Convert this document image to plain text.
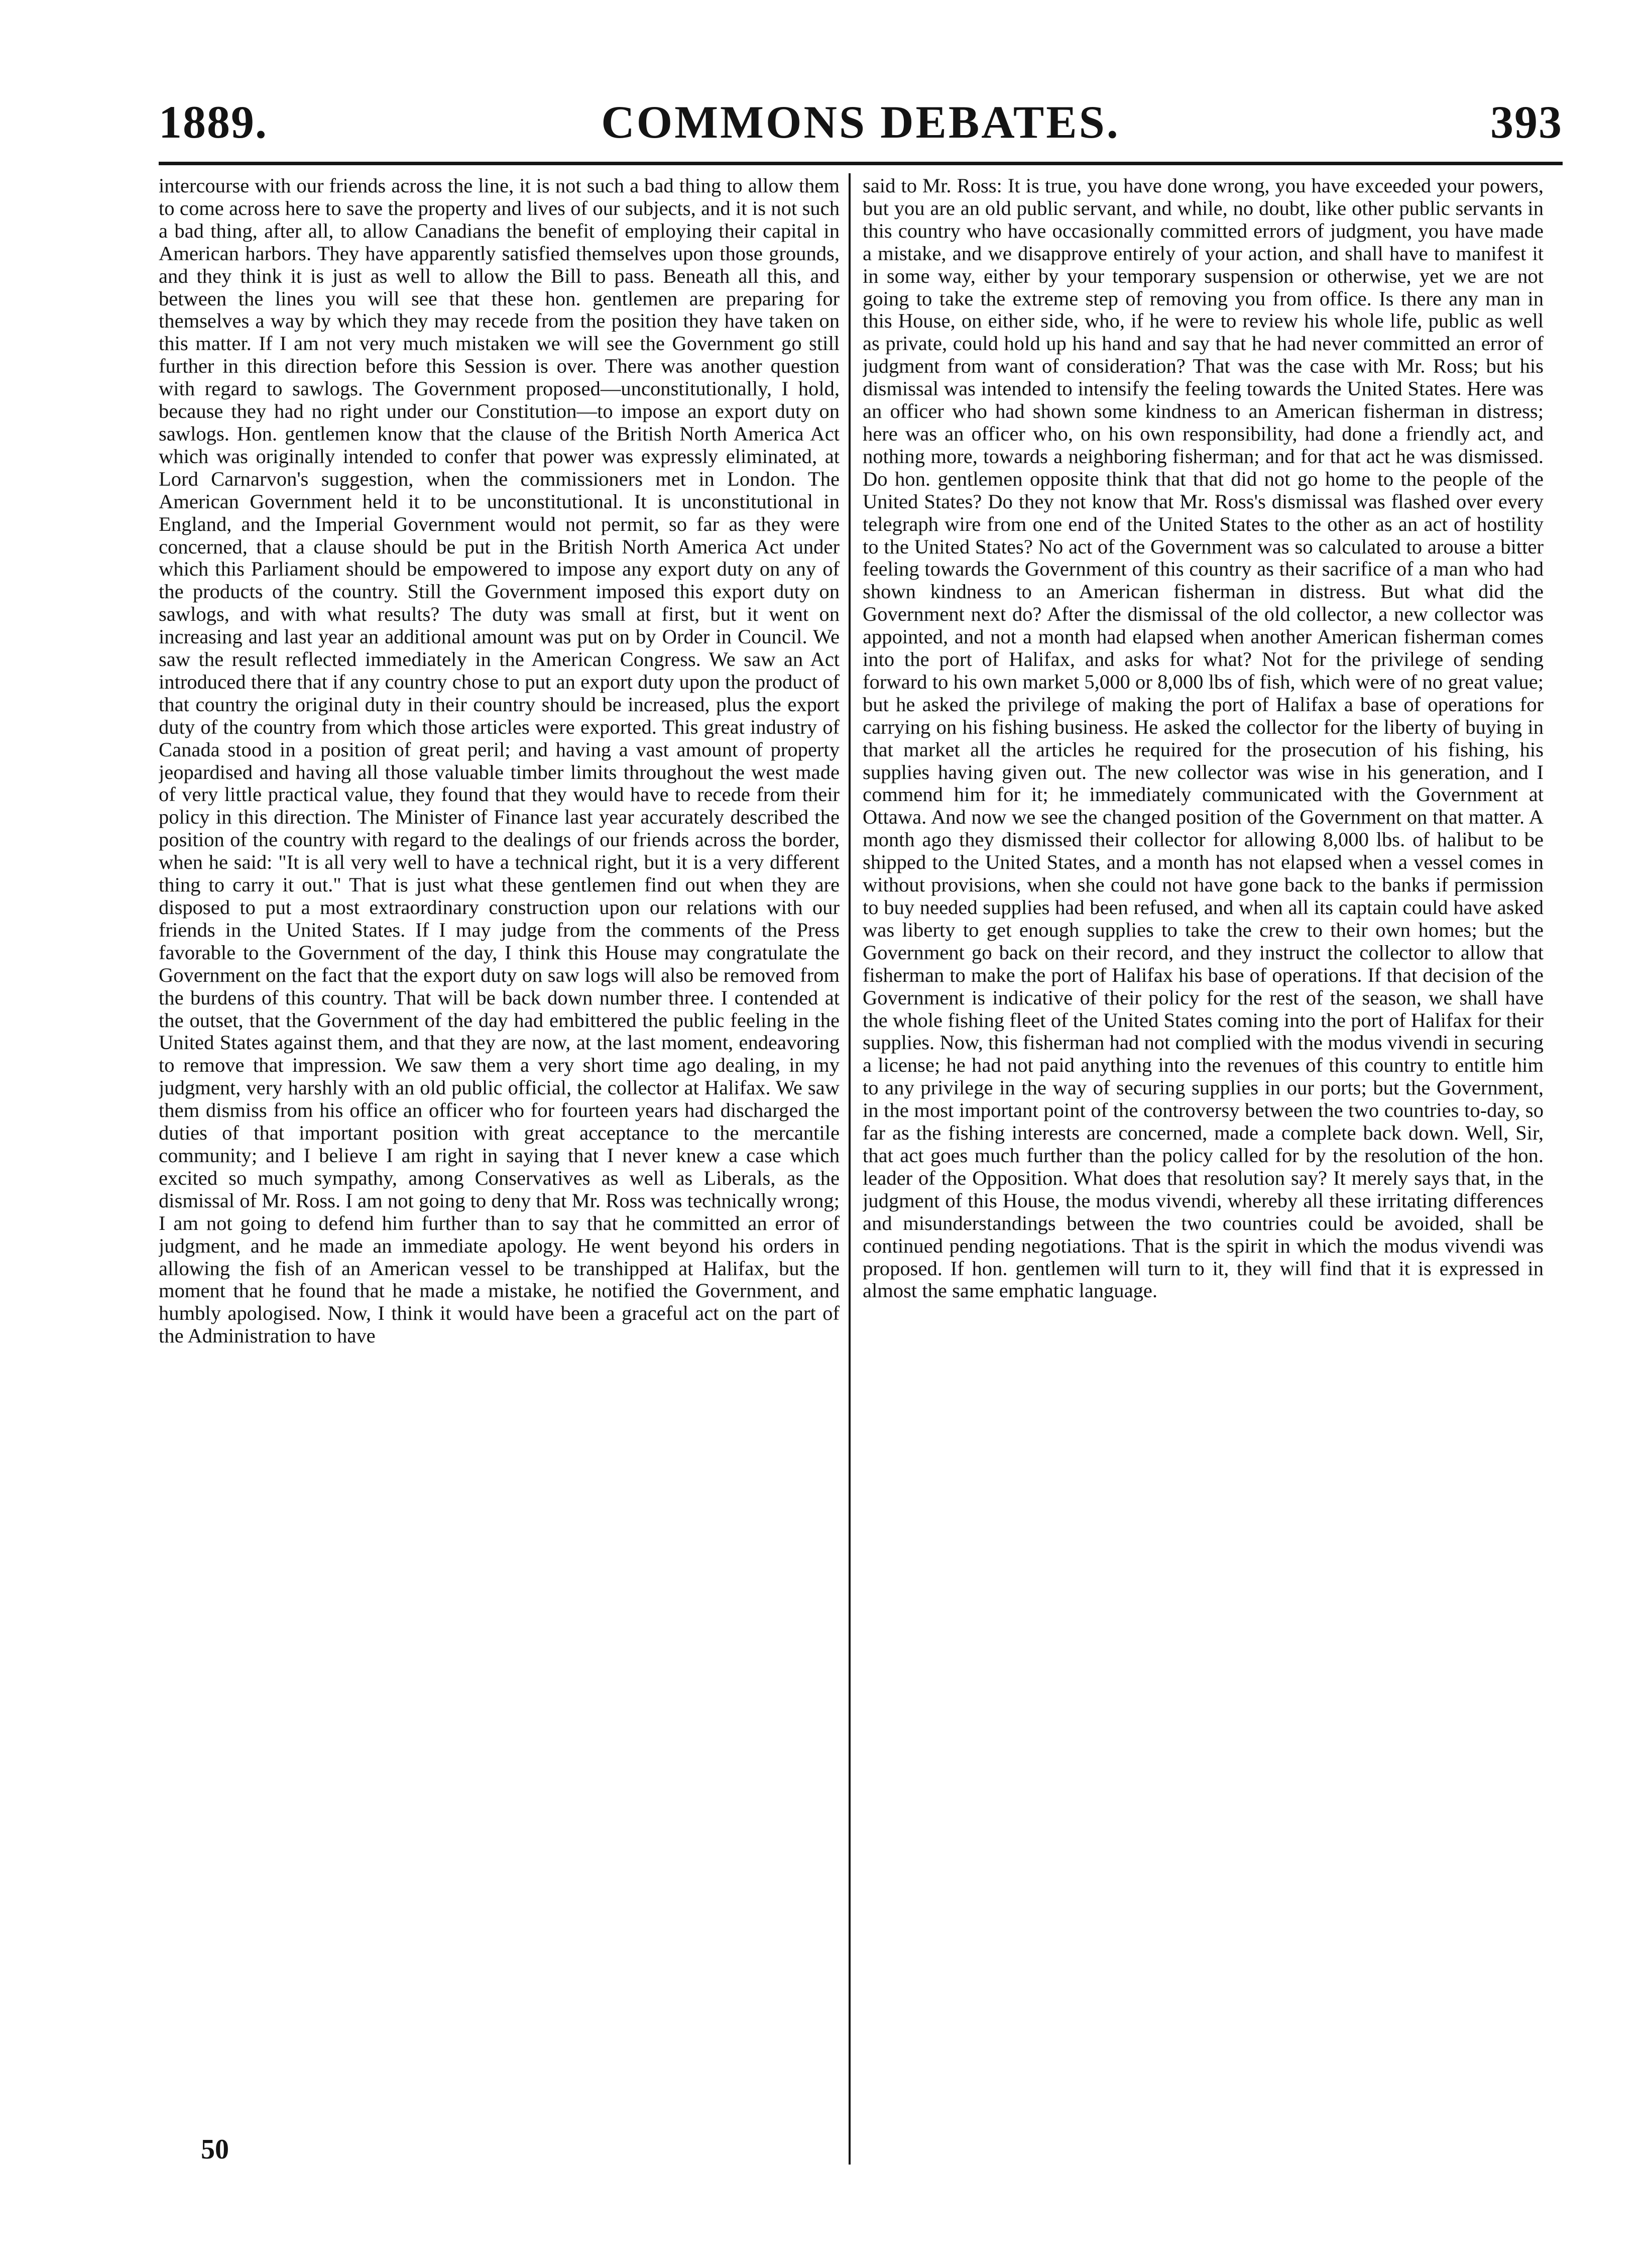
1889.	COMMONS DEBATES.	393

intercourse with our friends across the line, it is not such a bad thing to allow them to come across here to save the property and lives of our subjects, and it is not such a bad thing, after all, to allow Canadians the benefit of employing their capital in American harbors. They have apparently satisfied themselves upon those grounds, and they think it is just as well to allow the Bill to pass. Beneath all this, and between the lines you will see that these hon. gentlemen are preparing for themselves a way by which they may recede from the position they have taken on this matter. If I am not very much mistaken we will see the Government go still further in this direction before this Session is over. There was another question with regard to sawlogs. The Government proposed—unconstitutionally, I hold, because they had no right under our Constitution—to impose an export duty on sawlogs. Hon. gentlemen know that the clause of the British North America Act which was originally intended to confer that power was expressly eliminated, at Lord Carnarvon's suggestion, when the commissioners met in London. The American Government held it to be unconstitutional. It is unconstitutional in England, and the Imperial Government would not permit, so far as they were concerned, that a clause should be put in the British North America Act under which this Parliament should be empowered to impose any export duty on any of the products of the country. Still the Government imposed this export duty on sawlogs, and with what results? The duty was small at first, but it went on increasing and last year an additional amount was put on by Order in Council. We saw the result reflected immediately in the American Congress. We saw an Act introduced there that if any country chose to put an export duty upon the product of that country the original duty in their country should be increased, plus the export duty of the country from which those articles were exported. This great industry of Canada stood in a position of great peril; and having a vast amount of property jeopardised and having all those valuable timber limits throughout the west made of very little practical value, they found that they would have to recede from their policy in this direction. The Minister of Finance last year accurately described the position of the country with regard to the dealings of our friends across the border, when he said: "It is all very well to have a technical right, but it is a very different thing to carry it out." That is just what these gentlemen find out when they are disposed to put a most extraordinary construction upon our relations with our friends in the United States. If I may judge from the comments of the Press favorable to the Government of the day, I think this House may congratulate the Government on the fact that the export duty on saw logs will also be removed from the burdens of this country. That will be back down number three. I contended at the outset, that the Government of the day had embittered the public feeling in the United States against them, and that they are now, at the last moment, endeavoring to remove that impression. We saw them a very short time ago dealing, in my judgment, very harshly with an old public official, the collector at Halifax. We saw them dismiss from his office an officer who for fourteen years had discharged the duties of that important position with great acceptance to the mercantile community; and I believe I am right in saying that I never knew a case which excited so much sympathy, among Conservatives as well as Liberals, as the dismissal of Mr. Ross. I am not going to deny that Mr. Ross was technically wrong; I am not going to defend him further than to say that he committed an error of judgment, and he made an immediate apology. He went beyond his orders in allowing the fish of an American vessel to be transhipped at Halifax, but the moment that he found that he made a mistake, he notified the Government, and humbly apologised. Now, I think it would have been a graceful act on the part of the Administration to have

said to Mr. Ross: It is true, you have done wrong, you have exceeded your powers, but you are an old public servant, and while, no doubt, like other public servants in this country who have occasionally committed errors of judgment, you have made a mistake, and we disapprove entirely of your action, and shall have to manifest it in some way, either by your temporary suspension or otherwise, yet we are not going to take the extreme step of removing you from office. Is there any man in this House, on either side, who, if he were to review his whole life, public as well as private, could hold up his hand and say that he had never committed an error of judgment from want of consideration? That was the case with Mr. Ross; but his dismissal was intended to intensify the feeling towards the United States. Here was an officer who had shown some kindness to an American fisherman in distress; here was an officer who, on his own responsibility, had done a friendly act, and nothing more, towards a neighboring fisherman; and for that act he was dismissed. Do hon. gentlemen opposite think that that did not go home to the people of the United States? Do they not know that Mr. Ross's dismissal was flashed over every telegraph wire from one end of the United States to the other as an act of hostility to the United States? No act of the Government was so calculated to arouse a bitter feeling towards the Government of this country as their sacrifice of a man who had shown kindness to an American fisherman in distress. But what did the Government next do? After the dismissal of the old collector, a new collector was appointed, and not a month had elapsed when another American fisherman comes into the port of Halifax, and asks for what? Not for the privilege of sending forward to his own market 5,000 or 8,000 lbs of fish, which were of no great value; but he asked the privilege of making the port of Halifax a base of operations for carrying on his fishing business. He asked the collector for the liberty of buying in that market all the articles he required for the prosecution of his fishing, his supplies having given out. The new collector was wise in his generation, and I commend him for it; he immediately communicated with the Government at Ottawa. And now we see the changed position of the Government on that matter. A month ago they dismissed their collector for allowing 8,000 lbs. of halibut to be shipped to the United States, and a month has not elapsed when a vessel comes in without provisions, when she could not have gone back to the banks if permission to buy needed supplies had been refused, and when all its captain could have asked was liberty to get enough supplies to take the crew to their own homes; but the Government go back on their record, and they instruct the collector to allow that fisherman to make the port of Halifax his base of operations. If that decision of the Government is indicative of their policy for the rest of the season, we shall have the whole fishing fleet of the United States coming into the port of Halifax for their supplies. Now, this fisherman had not complied with the modus vivendi in securing a license; he had not paid anything into the revenues of this country to entitle him to any privilege in the way of securing supplies in our ports; but the Government, in the most important point of the controversy between the two countries to-day, so far as the fishing interests are concerned, made a complete back down. Well, Sir, that act goes much further than the policy called for by the resolution of the hon. leader of the Opposition. What does that resolution say? It merely says that, in the judgment of this House, the modus vivendi, whereby all these irritating differences and misunderstandings between the two countries could be avoided, shall be continued pending negotiations. That is the spirit in which the modus vivendi was proposed. If hon. gentlemen will turn to it, they will find that it is expressed in almost the same emphatic language.

50
